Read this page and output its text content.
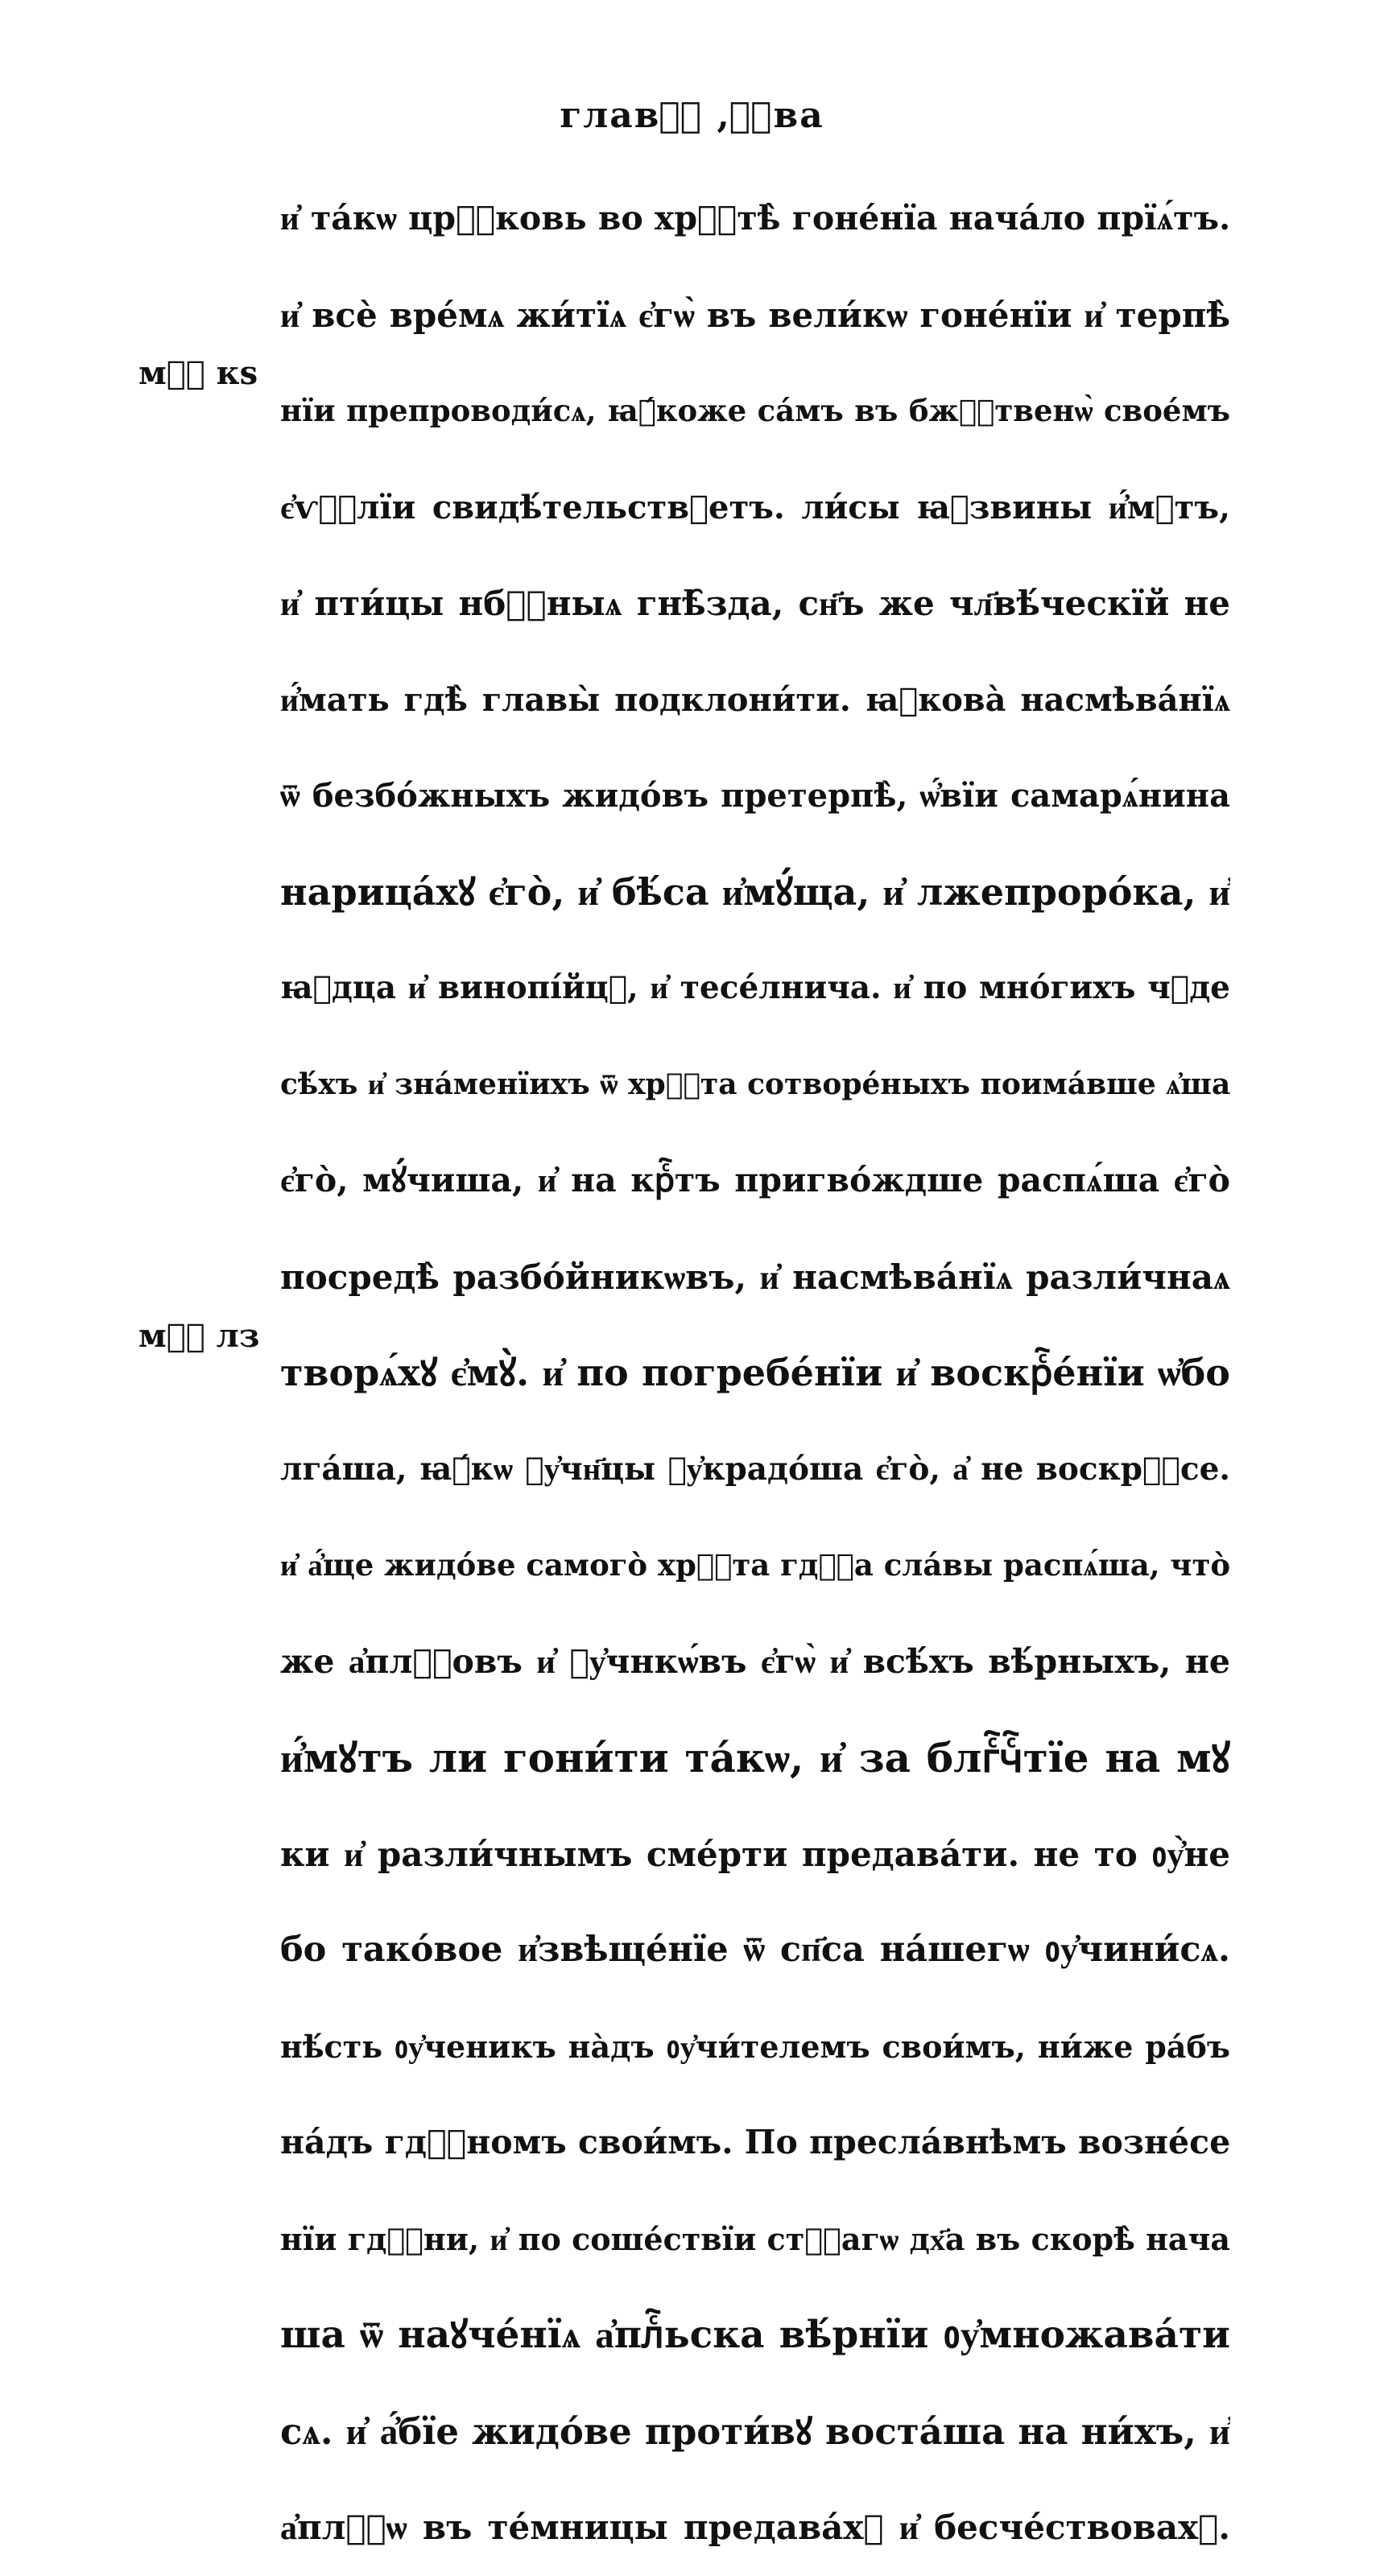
главⷶ҇ ,ⷡ҇ва
мⷶ҇ кѕ
мⷶ҇ лз
и҆ та́кѡ црⷭ҇ковь во хрⷭ҇тѣ̀ гоне́нїа нача́ло прїѧ́тъ.
и҆ всѐ вре́мѧ жи́тїѧ є҆гѡ̀ въ вели́кѡ гоне́нїи и҆ терпѣ̀
нїи препроводи́сѧ, ꙗ҆́коже са́мъ въ бжⷭ҇твенѡ̀ свое́мъ
є҆ѵⷢ҇лїи свидѣ́тельствꙋетъ. ли́сы ꙗ҆звины и҆́мꙋтъ,
и҆ пти́цы нбⷭ҇ныѧ гнѣ̑зда, сн҃ъ же чл҃вѣ́ческїй не
и҆́мать гдѣ̀ главы̀ подклони́ти. ꙗ҆кова̀ насмѣва́нїѧ
ѿ безбо́жныхъ жидо́въ претерпѣ̀, ѡ҆́вїи самарѧ́нина
нарица́хꙋ є҆го̀, и҆ бѣ́са и҆мꙋ́ща, и҆ лжепроро́ка, и҆
ꙗ҆дца и҆ винопі́йцꙋ, и҆ тесе́лнича. и҆ по мно́гихъ чꙋде
сѣ́хъ и҆ зна́менїихъ ѿ хрⷭ҇та сотворе́ныхъ поима́вше ѧ҆ша
є҆го̀, мꙋ́чиша, и҆ на крⷭ҇тъ пригво́ждше распѧ́ша є҆го̀
посредѣ̀ разбо́йникѡвъ, и҆ насмѣва́нїѧ разли́чнаѧ
творѧ́хꙋ є҆мꙋ̀. и҆ по погребе́нїи и҆ воскрⷭ҇е́нїи ѡ҆бо
лга́ша, ꙗ҆́кѡ ᲂу҆чн҃цы ᲂу҆крадо́ша є҆го̀, а҆ не воскрⷭ҇се.
и҆ а҆́ще жидо́ве самого̀ хрⷭ҇та гдⷭ҇а сла́вы распѧ́ша, что̀
же а҆плⷭ҇овъ и҆ ᲂу҆чнкѡ́въ є҆гѡ̀ и҆ всѣ́хъ вѣ́рныхъ, не
и҆́мꙋтъ ли гони́ти та́кѡ, и҆ за блгⷭ҇чⷭ҇тїе на мꙋ
ки и҆ разли́чнымъ сме́рти предава́ти. не то ᲂу҆̀не
бо тако́вое и҆звѣще́нїе ѿ сп҃са на́шегѡ ᲂу҆чини́сѧ.
нѣ́сть ᲂу҆ченикъ на̀дъ ᲂу҆чи́телемъ свои́мъ, ни́же ра́бъ
на́дъ гдⷭ҇номъ свои́мъ. По преслáвнѣмъ возне́се
нїи гдⷭ҇ни, и҆ по соше́ствїи стⷭ҇агѡ дх҃а въ скорѣ̀ нача
ша ѿ наꙋче́нїѧ а҆плⷭ҇ьска вѣ́рнїи ᲂу҆множава́ти
сѧ. и҆ а҆́бїе жидо́ве проти́вꙋ воста́ша на ни́хъ, и҆
а҆плⷭ҇ѡ въ те́мницы предава́хꙋ и҆ бесче́ствовахꙋ.
